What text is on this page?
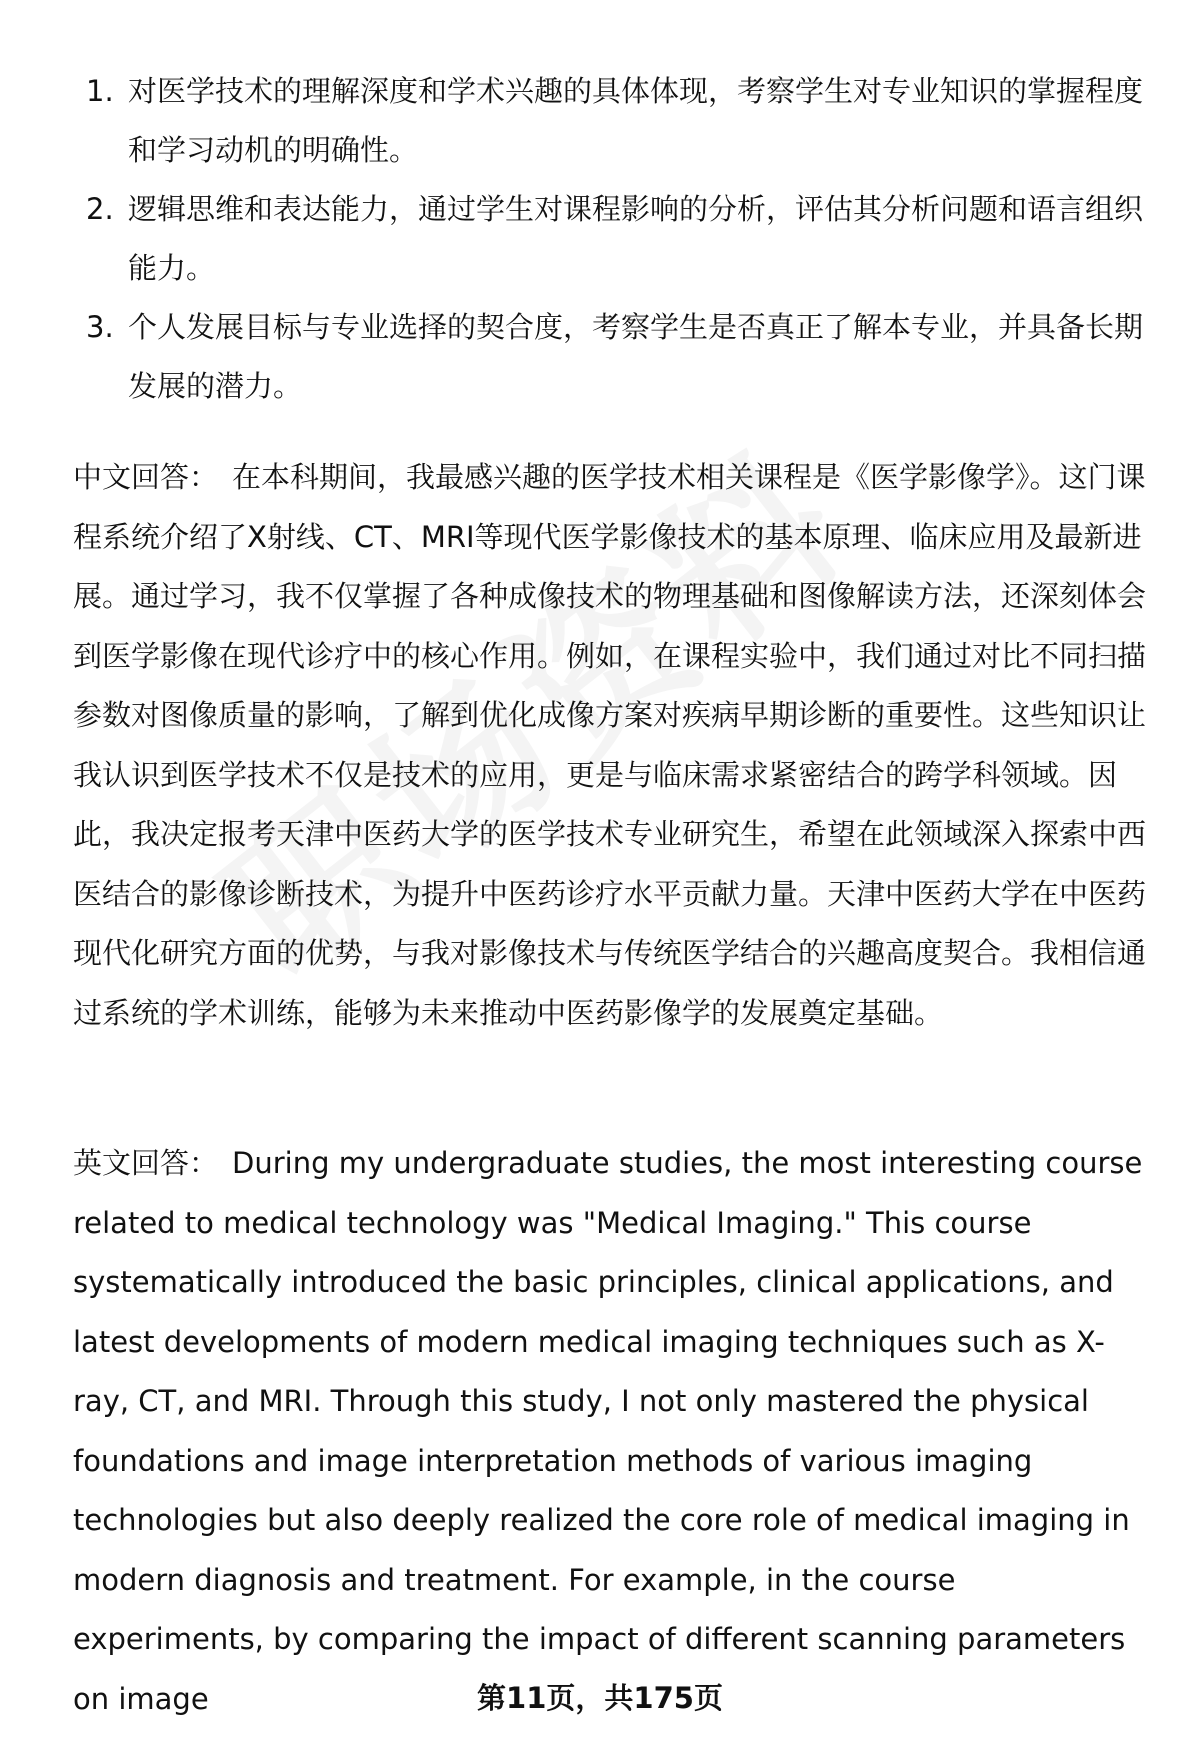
1. 对医学技术的理解深度和学术兴趣的具体体现，考察学生对专业知识的掌握程度和学习动机的明确性。
2. 逻辑思维和表达能力，通过学生对课程影响的分析，评估其分析问题和语言组织能力。
3. 个人发展目标与专业选择的契合度，考察学生是否真正了解本专业，并具备长期发展的潜力。

中文回答： 在本科期间，我最感兴趣的医学技术相关课程是《医学影像学》。这门课程系统介绍了X射线、CT、MRI等现代医学影像技术的基本原理、临床应用及最新进展。通过学习，我不仅掌握了各种成像技术的物理基础和图像解读方法，还深刻体会到医学影像在现代诊疗中的核心作用。例如，在课程实验中，我们通过对比不同扫描参数对图像质量的影响，了解到优化成像方案对疾病早期诊断的重要性。这些知识让我认识到医学技术不仅是技术的应用，更是与临床需求紧密结合的跨学科领域。因此，我决定报考天津中医药大学的医学技术专业研究生，希望在此领域深入探索中西医结合的影像诊断技术，为提升中医药诊疗水平贡献力量。天津中医药大学在中医药现代化研究方面的优势，与我对影像技术与传统医学结合的兴趣高度契合。我相信通过系统的学术训练，能够为未来推动中医药影像学的发展奠定基础。

英文回答： During my undergraduate studies, the most interesting course related to medical technology was "Medical Imaging." This course systematically introduced the basic principles, clinical applications, and latest developments of modern medical imaging techniques such as X-ray, CT, and MRI. Through this study, I not only mastered the physical foundations and image interpretation methods of various imaging technologies but also deeply realized the core role of medical imaging in modern diagnosis and treatment. For example, in the course experiments, by comparing the impact of different scanning parameters on image	第11页，共175页
